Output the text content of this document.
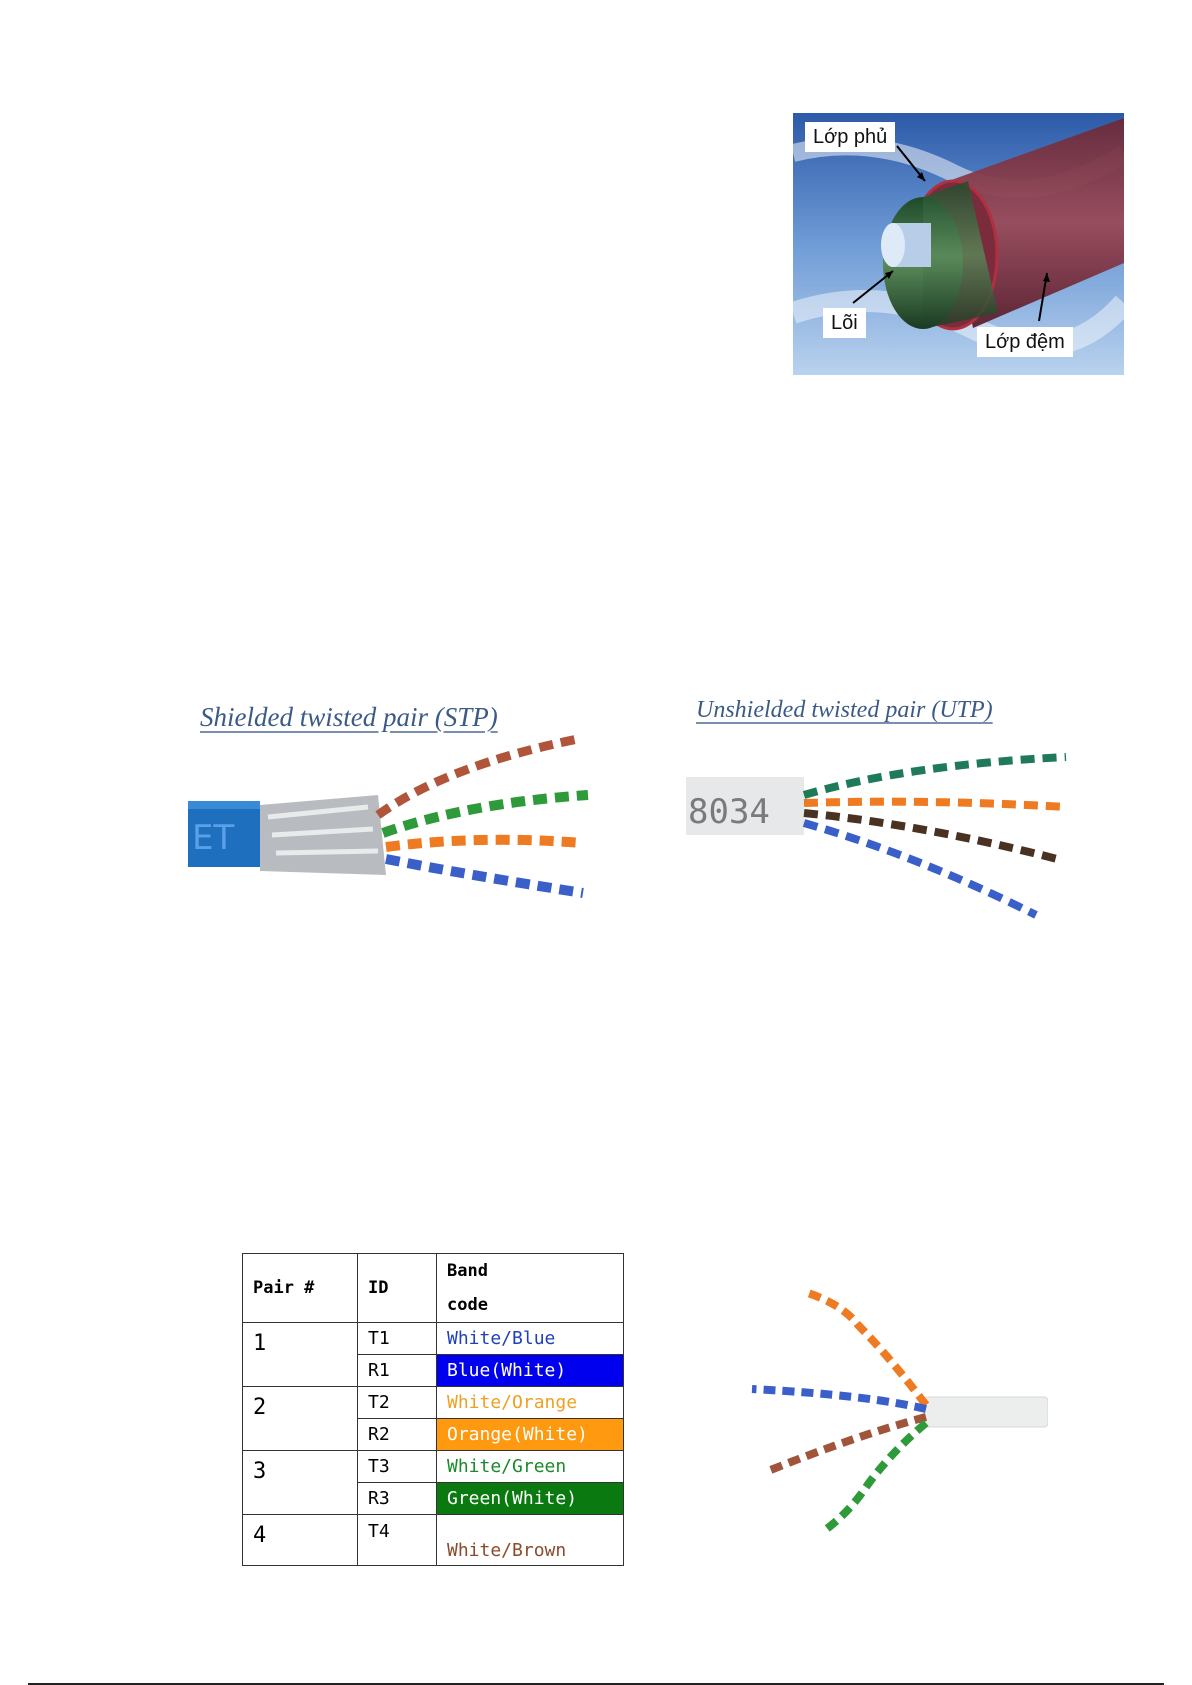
Lớp phủ
Lõi
Lớp đệm
Shielded twisted pair (STP)	Unshielded twisted pair (UTP)
ET
8034
Pair #	ID	Band
code
1	T1	White/Blue
	R1	Blue(White)
2	T2	White/Orange
	R2	Orange(White)
3	T3	White/Green
	R3	Green(White)
4	T4	White/Brown
